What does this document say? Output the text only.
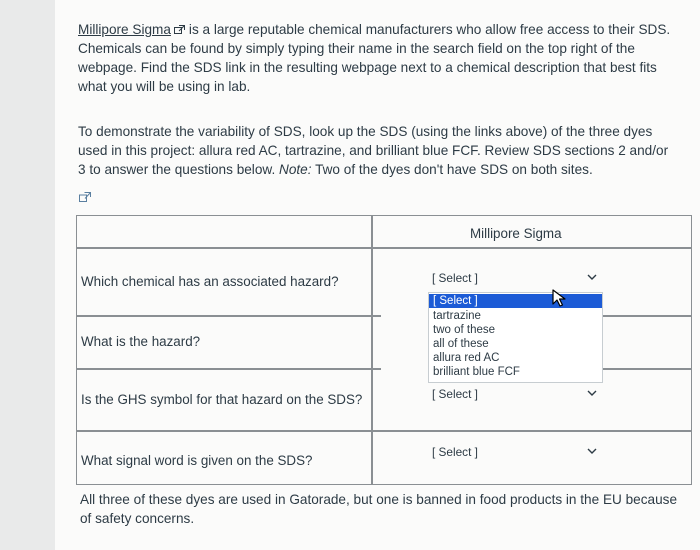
Millipore Sigma is a large reputable chemical manufacturers who allow free access to their SDS. Chemicals can be found by simply typing their name in the search field on the top right of the webpage. Find the SDS link in the resulting webpage next to a chemical description that best fits what you will be using in lab.
To demonstrate the variability of SDS, look up the SDS (using the links above) of the three dyes used in this project: allura red AC, tartrazine, and brilliant blue FCF. Review SDS sections 2 and/or 3 to answer the questions below. Note: Two of the dyes don't have SDS on both sites.
Millipore Sigma
Which chemical has an associated hazard?
What is the hazard?
Is the GHS symbol for that hazard on the SDS?
What signal word is given on the SDS?
[ Select ]
[ Select ]
[ Select ]
[ Select ]
tartrazine
two of these
all of these
allura red AC
brilliant blue FCF
All three of these dyes are used in Gatorade, but one is banned in food products in the EU because of safety concerns.
